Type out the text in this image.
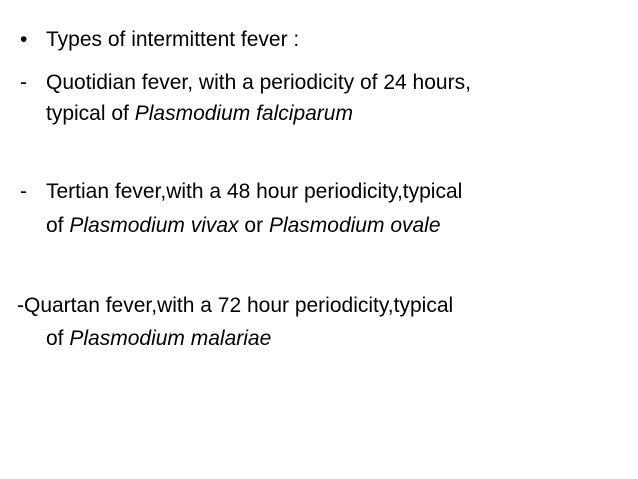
• Types of intermittent fever :
- Quotidian fever, with a periodicity of 24 hours,
typical of Plasmodium falciparum
- Tertian fever,with a 48 hour periodicity,typical
of Plasmodium vivax or Plasmodium ovale
-Quartan fever,with a 72 hour periodicity,typical
of Plasmodium malariae
